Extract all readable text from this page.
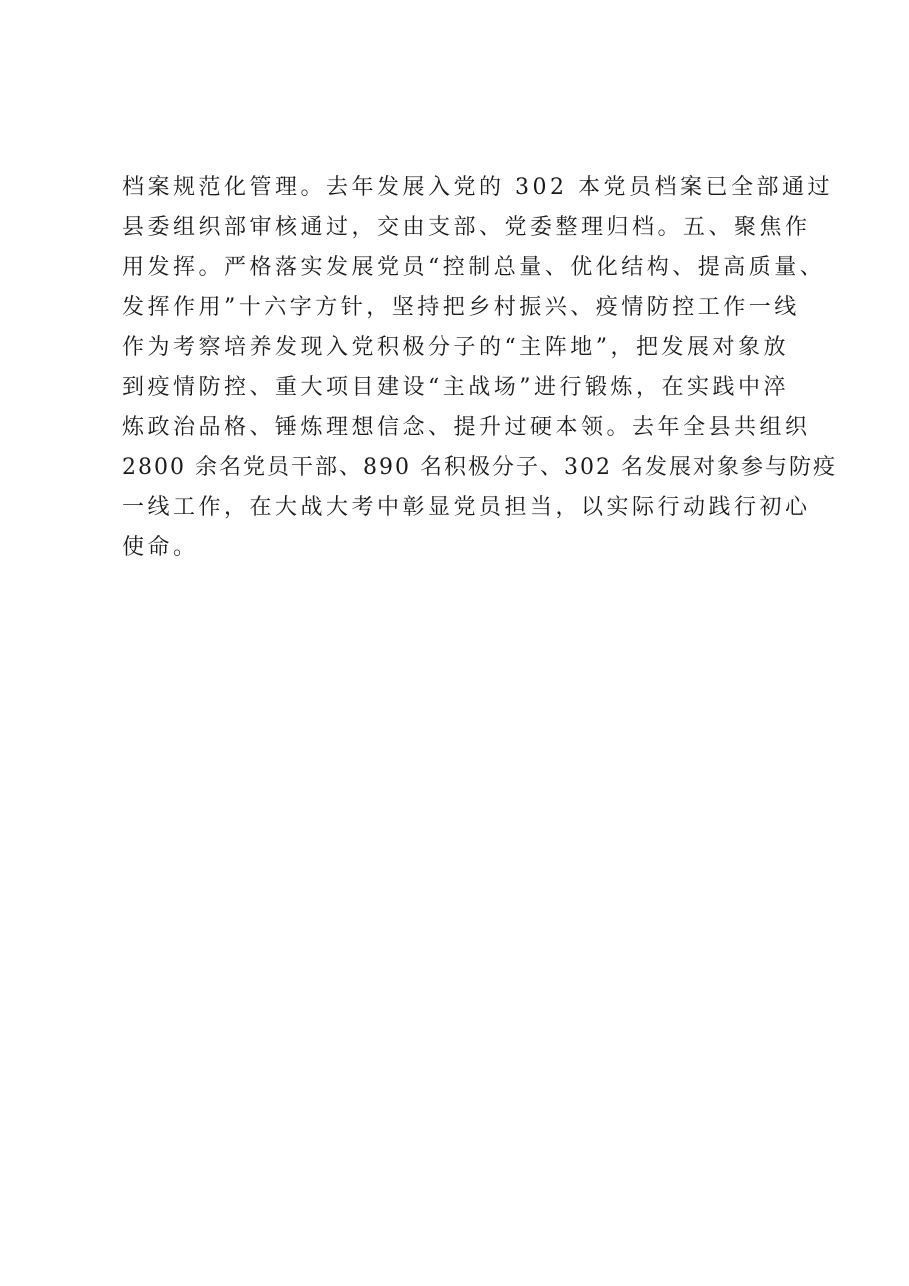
档案规范化管理。去年发展入党的 302 本党员档案已全部通过
县委组织部审核通过，交由支部、党委整理归档。五、聚焦作
用发挥。严格落实发展党员“控制总量、优化结构、提高质量、
发挥作用”十六字方针，坚持把乡村振兴、疫情防控工作一线
作为考察培养发现入党积极分子的“主阵地”，把发展对象放
到疫情防控、重大项目建设“主战场”进行锻炼，在实践中淬
炼政治品格、锤炼理想信念、提升过硬本领。去年全县共组织
2800 余名党员干部、890 名积极分子、302 名发展对象参与防疫
一线工作，在大战大考中彰显党员担当，以实际行动践行初心
使命。
